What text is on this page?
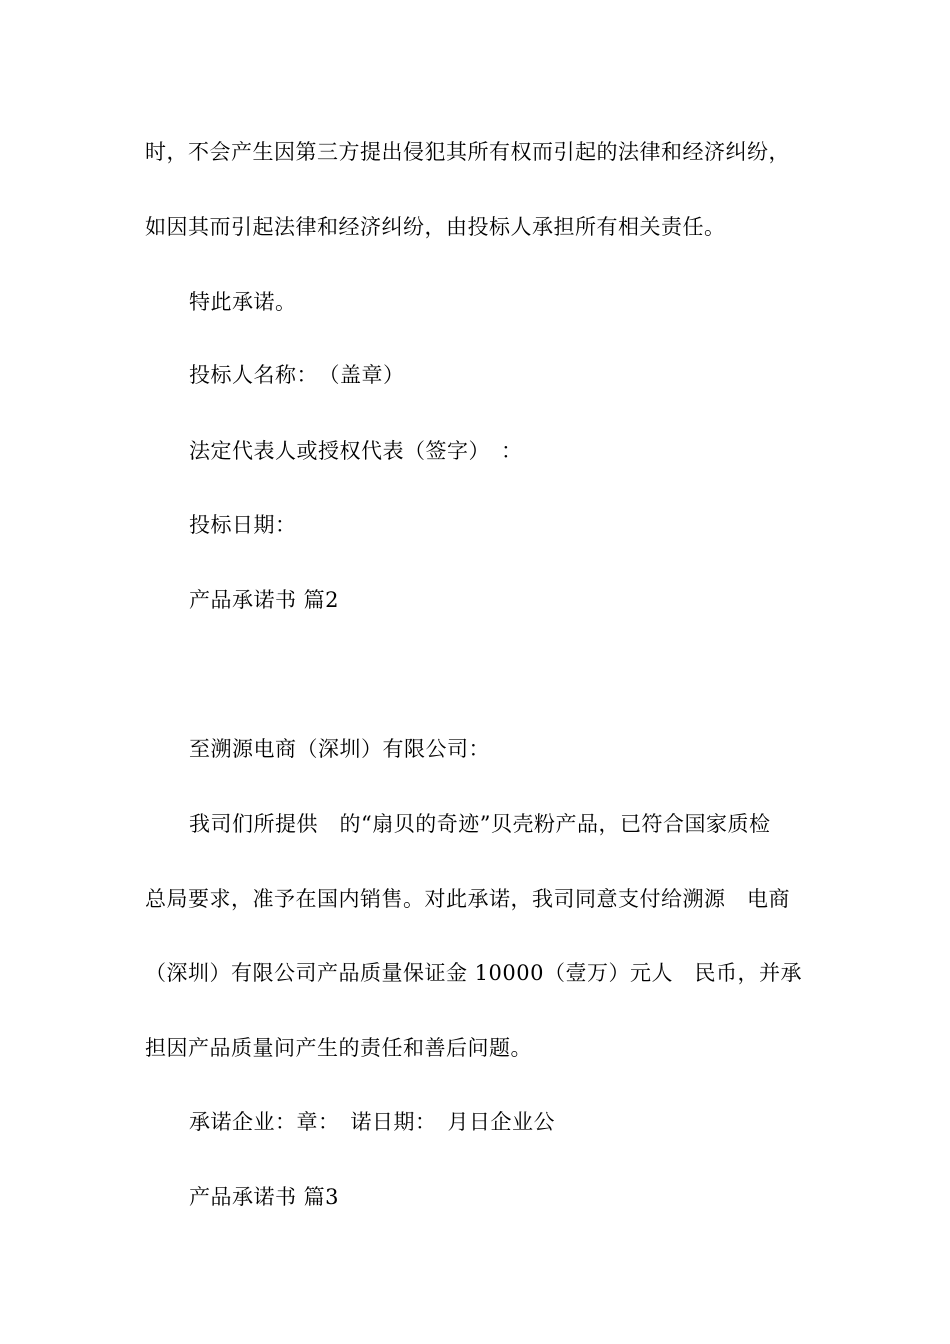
时，不会产生因第三方提出侵犯其所有权而引起的法律和经济纠纷，
如因其而引起法律和经济纠纷，由投标人承担所有相关责任。
特此承诺。
投标人名称：　（盖章）
法定代表人或授权代表（签字）　：
投标日期：
产品承诺书 篇2
至溯源电商（深圳）有限公司：
我司们所提供　的“扇贝的奇迹”贝壳粉产品，已符合国家质检
总局要求，准予在国内销售。对此承诺，我司同意支付给溯源　电商
（深圳）有限公司产品质量保证金 10000（壹万）元人　民币，并承
担因产品质量问产生的责任和善后问题。
承诺企业：章：　诺日期：　月日企业公
产品承诺书 篇3
